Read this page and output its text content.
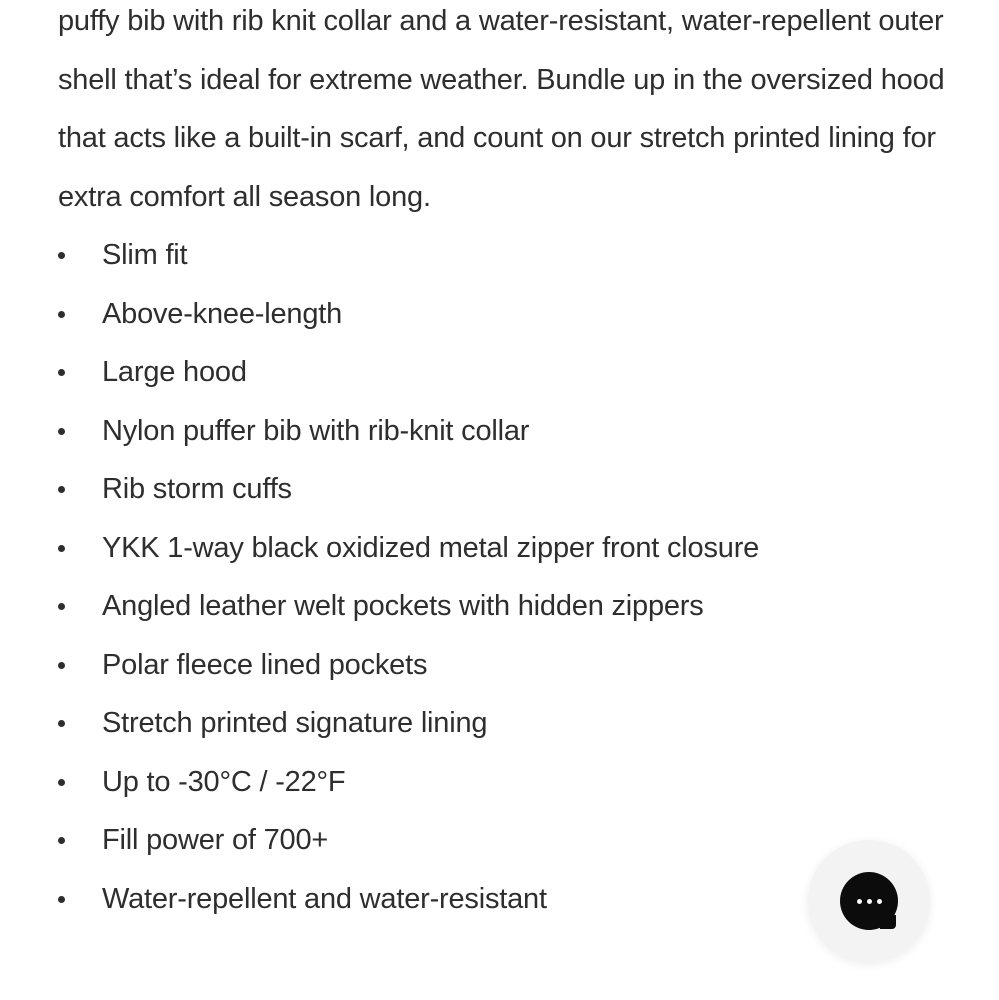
puffy bib with rib knit collar and a water-resistant, water-repellent outer shell that’s ideal for extreme weather. Bundle up in the oversized hood that acts like a built-in scarf, and count on our stretch printed lining for extra comfort all season long.

Slim fit
Above-knee-length
Large hood
Nylon puffer bib with rib-knit collar
Rib storm cuffs
YKK 1-way black oxidized metal zipper front closure
Angled leather welt pockets with hidden zippers
Polar fleece lined pockets
Stretch printed signature lining
Up to -30°C / -22°F
Fill power of 700+
Water-repellent and water-resistant
